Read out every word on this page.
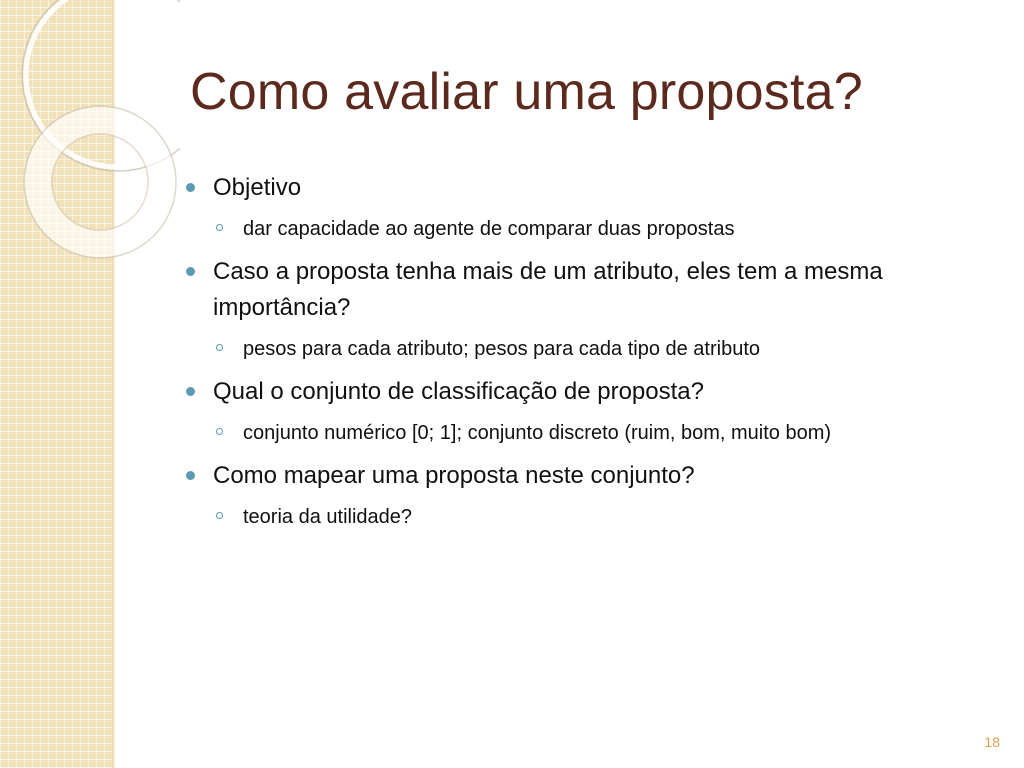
Como avaliar uma proposta?
Objetivo
dar capacidade ao agente de comparar duas propostas
Caso a proposta tenha mais de um atributo, eles tem a mesma importância?
pesos para cada atributo; pesos para cada tipo de atributo
Qual o conjunto de classificação de proposta?
conjunto numérico [0; 1]; conjunto discreto (ruim, bom, muito bom)
Como mapear uma proposta neste conjunto?
teoria da utilidade?
18
